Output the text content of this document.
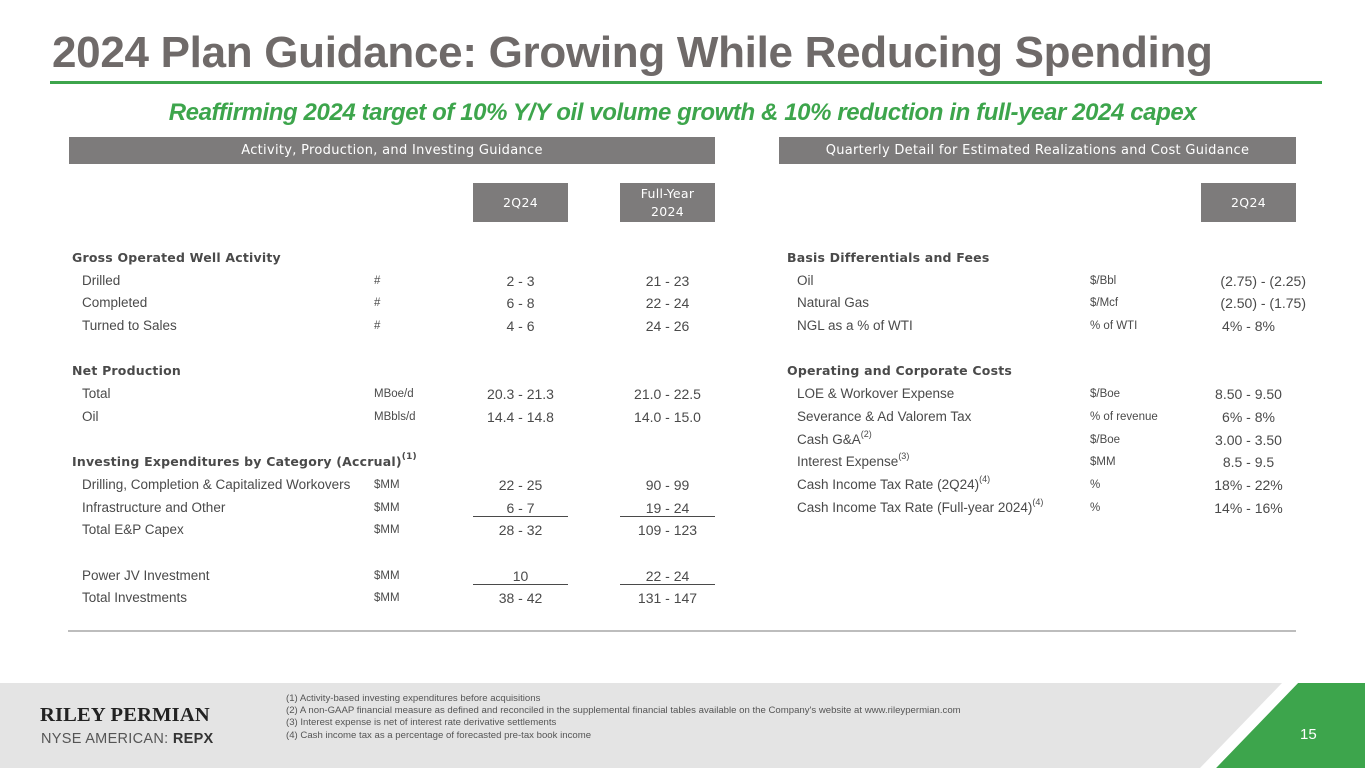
2024 Plan Guidance: Growing While Reducing Spending
Reaffirming 2024 target of 10% Y/Y oil volume growth & 10% reduction in full-year 2024 capex
Activity, Production, and Investing Guidance
2Q24
Full-Year
2024
Gross Operated Well Activity
Drilled	#	2 - 3	21 - 23
Completed	#	6 - 8	22 - 24
Turned to Sales	#	4 - 6	24 - 26
Net Production
Total	MBoe/d	20.3 - 21.3	21.0 - 22.5
Oil	MBbls/d	14.4 - 14.8	14.0 - 15.0
Investing Expenditures by Category (Accrual)$^{(1)}$
Drilling, Completion & Capitalized Workovers $MM	22 - 25	90 - 99
Infrastructure and Other	$MM	6 - 7	19 - 24
Total E&P Capex	$MM	28 - 32	109 - 123
Power JV Investment	$MM	10	22 - 24
Total Investments	$MM	38 - 42	131 - 147
Quarterly Detail for Estimated Realizations and Cost Guidance
2Q24
Basis Differentials and Fees
Oil	$/Bbl	(2.75) - (2.25)
Natural Gas	$/Mcf	(2.50) - (1.75)
NGL as a % of WTI	% of WTI	4% - 8%
Operating and Corporate Costs
LOE & Workover Expense	$/Boe	8.50 - 9.50
Severance & Ad Valorem Tax	% of revenue	6% - 8%
Cash $G\&A^{(2)}$	$/Boe	3.00 - 3.50
Interest Expense$^{(3)}$	$MM	8.5 - 9.5
Cash Income Tax Rate $(2Q24)^{(4)}$	%	18% - 22%
Cash Income Tax Rate (Full-year 2024)$^{(4)}$	%	14% - 16%
RILEY PERMIAN
NYSE AMERICAN: REPX
(1) Activity-based investing expenditures before acquisitions
(2) A non-GAAP financial measure as defined and reconciled in the supplemental financial tables available on the Company's website at www.rileypermian.com
(3) Interest expense is net of interest rate derivative settlements
(4) Cash income tax as a percentage of forecasted pre-tax book income	15
